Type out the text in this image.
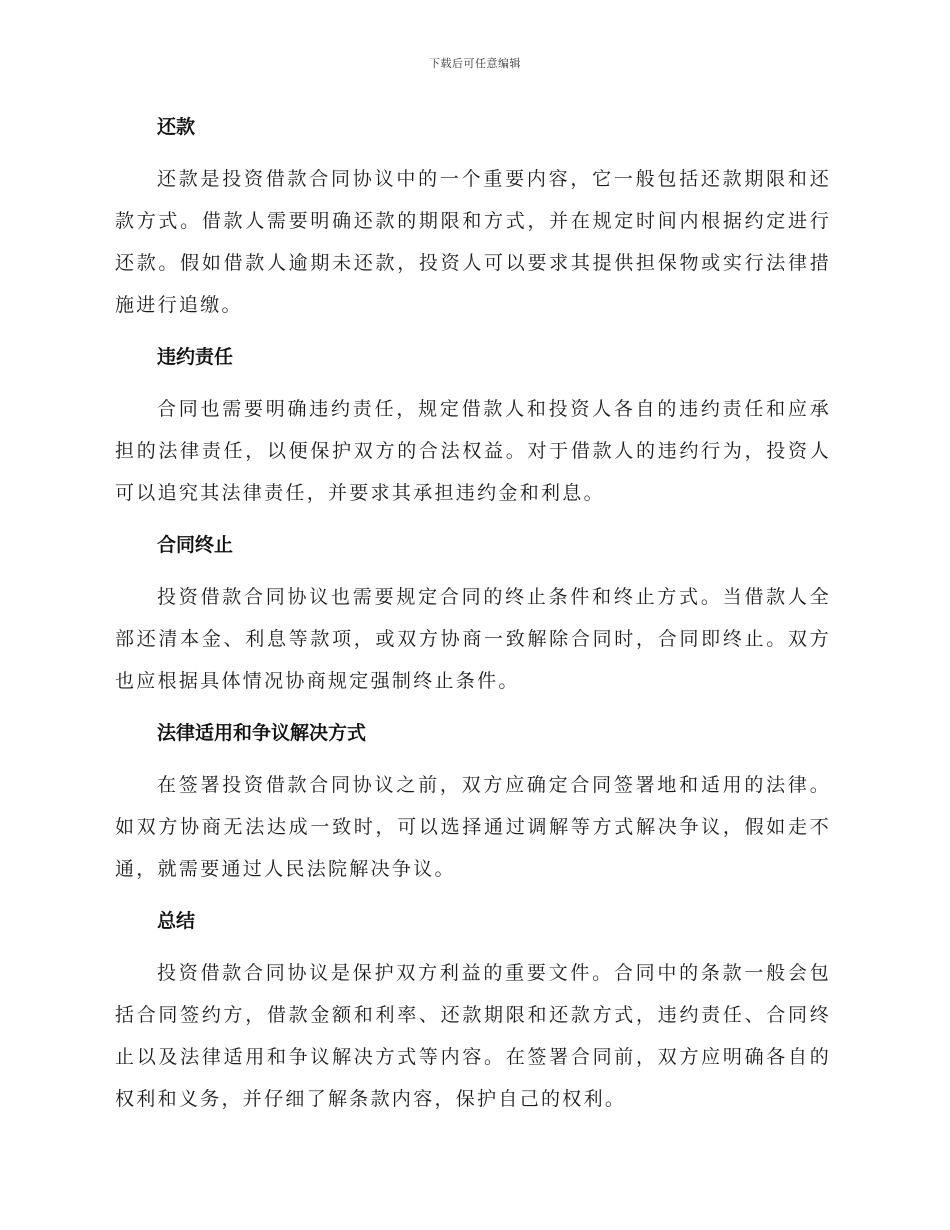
下载后可任意编辑
还款

还款是投资借款合同协议中的一个重要内容，它一般包括还款期限和还款方式。借款人需要明确还款的期限和方式，并在规定时间内根据约定进行还款。假如借款人逾期未还款，投资人可以要求其提供担保物或实行法律措施进行追缴。

违约责任

合同也需要明确违约责任，规定借款人和投资人各自的违约责任和应承担的法律责任，以便保护双方的合法权益。对于借款人的违约行为，投资人可以追究其法律责任，并要求其承担违约金和利息。

合同终止

投资借款合同协议也需要规定合同的终止条件和终止方式。当借款人全部还清本金、利息等款项，或双方协商一致解除合同时，合同即终止。双方也应根据具体情况协商规定强制终止条件。

法律适用和争议解决方式

在签署投资借款合同协议之前，双方应确定合同签署地和适用的法律。如双方协商无法达成一致时，可以选择通过调解等方式解决争议，假如走不通，就需要通过人民法院解决争议。

总结

投资借款合同协议是保护双方利益的重要文件。合同中的条款一般会包括合同签约方，借款金额和利率、还款期限和还款方式，违约责任、合同终止以及法律适用和争议解决方式等内容。在签署合同前，双方应明确各自的权利和义务，并仔细了解条款内容，保护自己的权利。
